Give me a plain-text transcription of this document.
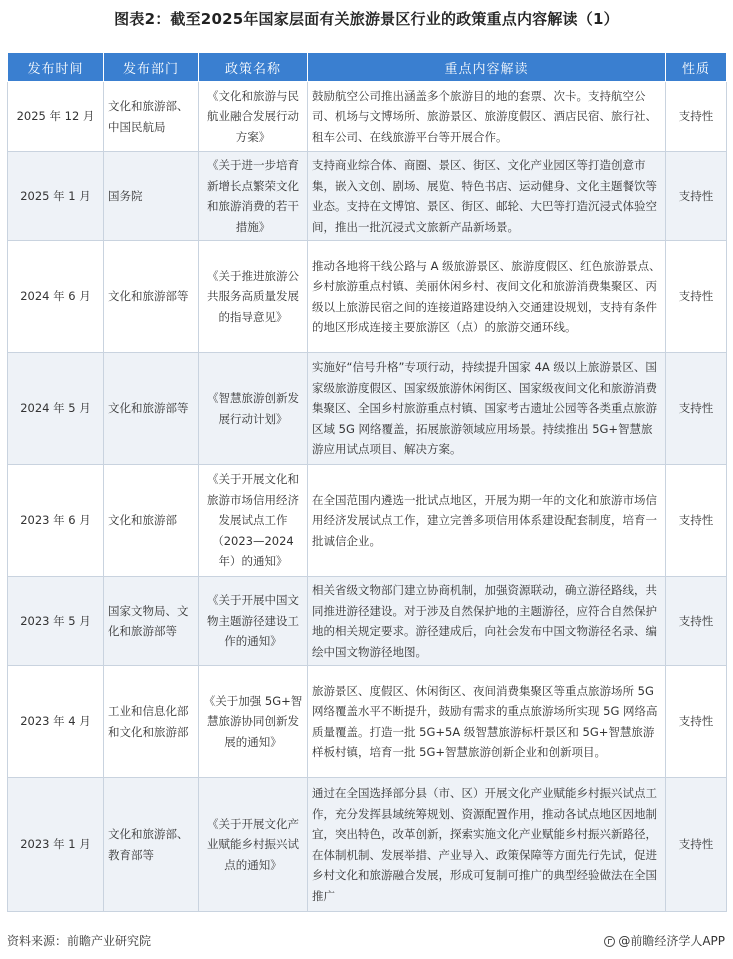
图表2：截至2025年国家层面有关旅游景区行业的政策重点内容解读（1）
发布时间	发布部门	政策名称	重点内容解读	性质
2025 年 12 月	文化和旅游部、中国民航局	《文化和旅游与民航业融合发展行动方案》	鼓励航空公司推出涵盖多个旅游目的地的套票、次卡。支持航空公司、机场与文博场所、旅游景区、旅游度假区、酒店民宿、旅行社、租车公司、在线旅游平台等开展合作。	支持性
2025 年 1 月	国务院	《关于进一步培育新增长点繁荣文化和旅游消费的若干措施》	支持商业综合体、商圈、景区、街区、文化产业园区等打造创意市集，嵌入文创、剧场、展览、特色书店、运动健身、文化主题餐饮等业态。支持在文博馆、景区、街区、邮轮、大巴等打造沉浸式体验空间，推出一批沉浸式文旅新产品新场景。	支持性
2024 年 6 月	文化和旅游部等	《关于推进旅游公共服务高质量发展的指导意见》	推动各地将干线公路与 A 级旅游景区、旅游度假区、红色旅游景点、乡村旅游重点村镇、美丽休闲乡村、夜间文化和旅游消费集聚区、丙级以上旅游民宿之间的连接道路建设纳入交通建设规划，支持有条件的地区形成连接主要旅游区（点）的旅游交通环线。	支持性
2024 年 5 月	文化和旅游部等	《智慧旅游创新发展行动计划》	实施好“信号升格”专项行动，持续提升国家 4A 级以上旅游景区、国家级旅游度假区、国家级旅游休闲街区、国家级夜间文化和旅游消费集聚区、全国乡村旅游重点村镇、国家考古遗址公园等各类重点旅游区域 5G 网络覆盖，拓展旅游领域应用场景。持续推出 5G+智慧旅游应用试点项目、解决方案。	支持性
2023 年 6 月	文化和旅游部	《关于开展文化和旅游市场信用经济发展试点工作（2023—2024 年）的通知》	在全国范围内遴选一批试点地区，开展为期一年的文化和旅游市场信用经济发展试点工作，建立完善多项信用体系建设配套制度，培育一批诚信企业。	支持性
2023 年 5 月	国家文物局、文化和旅游部等	《关于开展中国文物主题游径建设工作的通知》	相关省级文物部门建立协商机制，加强资源联动，确立游径路线，共同推进游径建设。对于涉及自然保护地的主题游径，应符合自然保护地的相关规定要求。游径建成后，向社会发布中国文物游径名录、编绘中国文物游径地图。	支持性
2023 年 4 月	工业和信息化部和文化和旅游部	《关于加强 5G+智慧旅游协同创新发展的通知》	旅游景区、度假区、休闲街区、夜间消费集聚区等重点旅游场所 5G 网络覆盖水平不断提升，鼓励有需求的重点旅游场所实现 5G 网络高质量覆盖。打造一批 5G+5A 级智慧旅游标杆景区和 5G+智慧旅游样板村镇，培育一批 5G+智慧旅游创新企业和创新项目。	支持性
2023 年 1 月	文化和旅游部、教育部等	《关于开展文化产业赋能乡村振兴试点的通知》	通过在全国选择部分县（市、区）开展文化产业赋能乡村振兴试点工作，充分发挥县域统筹规划、资源配置作用，推动各试点地区因地制宜，突出特色，改革创新，探索实施文化产业赋能乡村振兴新路径，在体制机制、发展举措、产业导入、政策保障等方面先行先试，促进乡村文化和旅游融合发展，形成可复制可推广的典型经验做法在全国推广	支持性
资料来源：前瞻产业研究院	@前瞻经济学人APP
